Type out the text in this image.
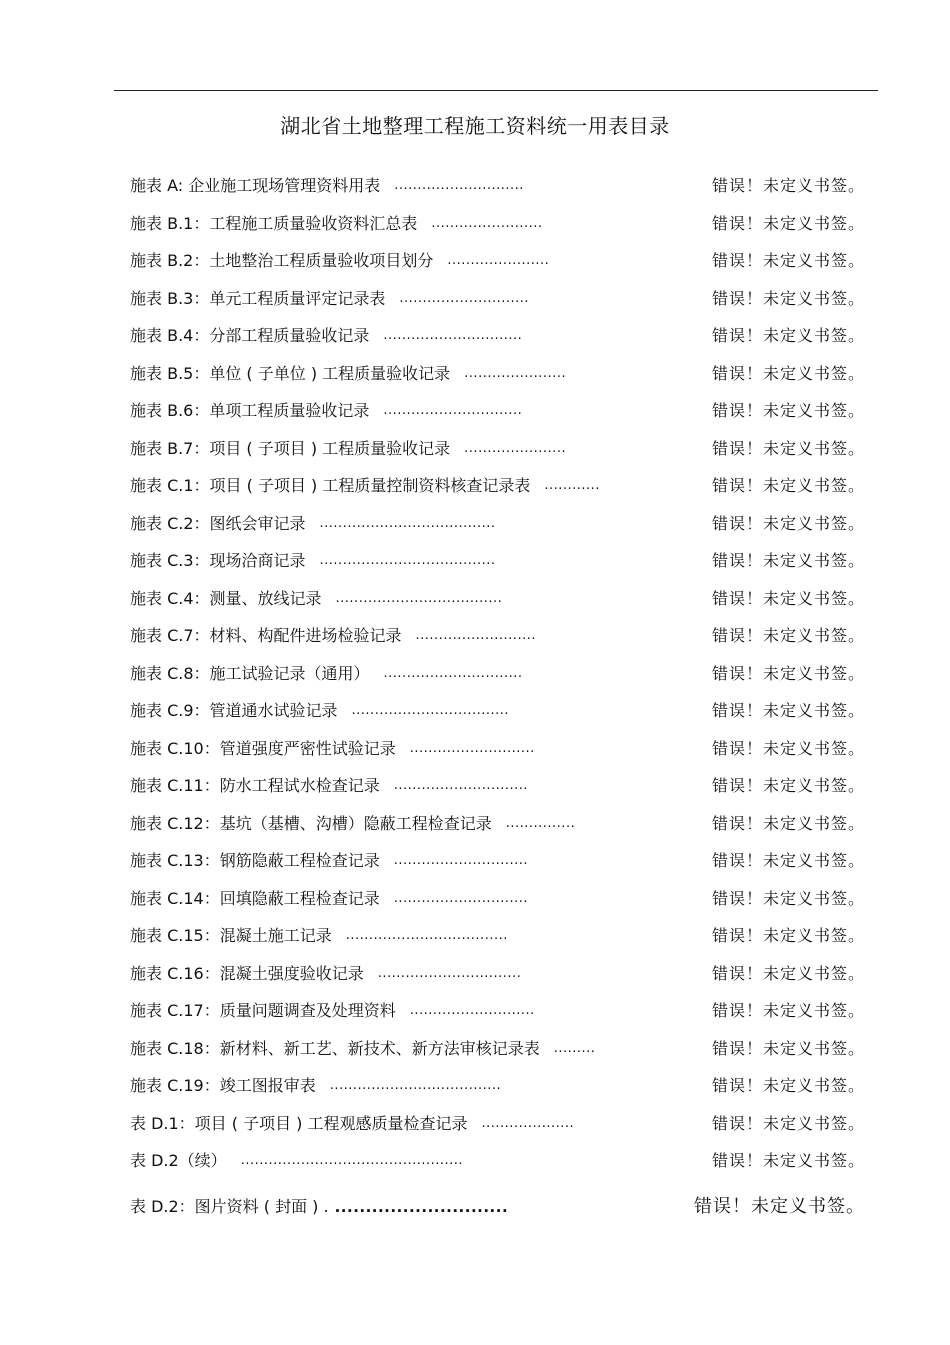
湖北省土地整理工程施工资料统一用表目录
施表 A: 企业施工现场管理资料用表 ............................	错误！未定义书签。
施表 B.1：工程施工质量验收资料汇总表 ........................	错误！未定义书签。
施表 B.2：土地整治工程质量验收项目划分 ......................	错误！未定义书签。
施表 B.3：单元工程质量评定记录表 ............................	错误！未定义书签。
施表 B.4：分部工程质量验收记录 ..............................	错误！未定义书签。
施表 B.5：单位 ( 子单位 ) 工程质量验收记录 ......................	错误！未定义书签。
施表 B.6：单项工程质量验收记录 ..............................	错误！未定义书签。
施表 B.7：项目 ( 子项目 ) 工程质量验收记录 ......................	错误！未定义书签。
施表 C.1：项目 ( 子项目 ) 工程质量控制资料核查记录表 ............	错误！未定义书签。
施表 C.2：图纸会审记录 ......................................	错误！未定义书签。
施表 C.3：现场洽商记录 ......................................	错误！未定义书签。
施表 C.4：测量、放线记录 ....................................	错误！未定义书签。
施表 C.7：材料、构配件进场检验记录 ..........................	错误！未定义书签。
施表 C.8：施工试验记录（通用） ..............................	错误！未定义书签。
施表 C.9：管道通水试验记录 ..................................	错误！未定义书签。
施表 C.10：管道强度严密性试验记录 ...........................	错误！未定义书签。
施表 C.11：防水工程试水检查记录 .............................	错误！未定义书签。
施表 C.12：基坑（基槽、沟槽）隐蔽工程检查记录 ...............	错误！未定义书签。
施表 C.13：钢筋隐蔽工程检查记录 .............................	错误！未定义书签。
施表 C.14：回填隐蔽工程检查记录 .............................	错误！未定义书签。
施表 C.15：混凝土施工记录 ...................................	错误！未定义书签。
施表 C.16：混凝土强度验收记录 ...............................	错误！未定义书签。
施表 C.17：质量问题调查及处理资料 ...........................	错误！未定义书签。
施表 C.18：新材料、新工艺、新技术、新方法审核记录表 .........	错误！未定义书签。
施表 C.19：竣工图报审表 .....................................	错误！未定义书签。
表 D.1：项目 ( 子项目 ) 工程观感质量检查记录 ....................	错误！未定义书签。
表 D.2（续） ................................................	错误！未定义书签。
表 D.2：图片资料 ( 封面 ) . ............................	错误！未定义书签。
